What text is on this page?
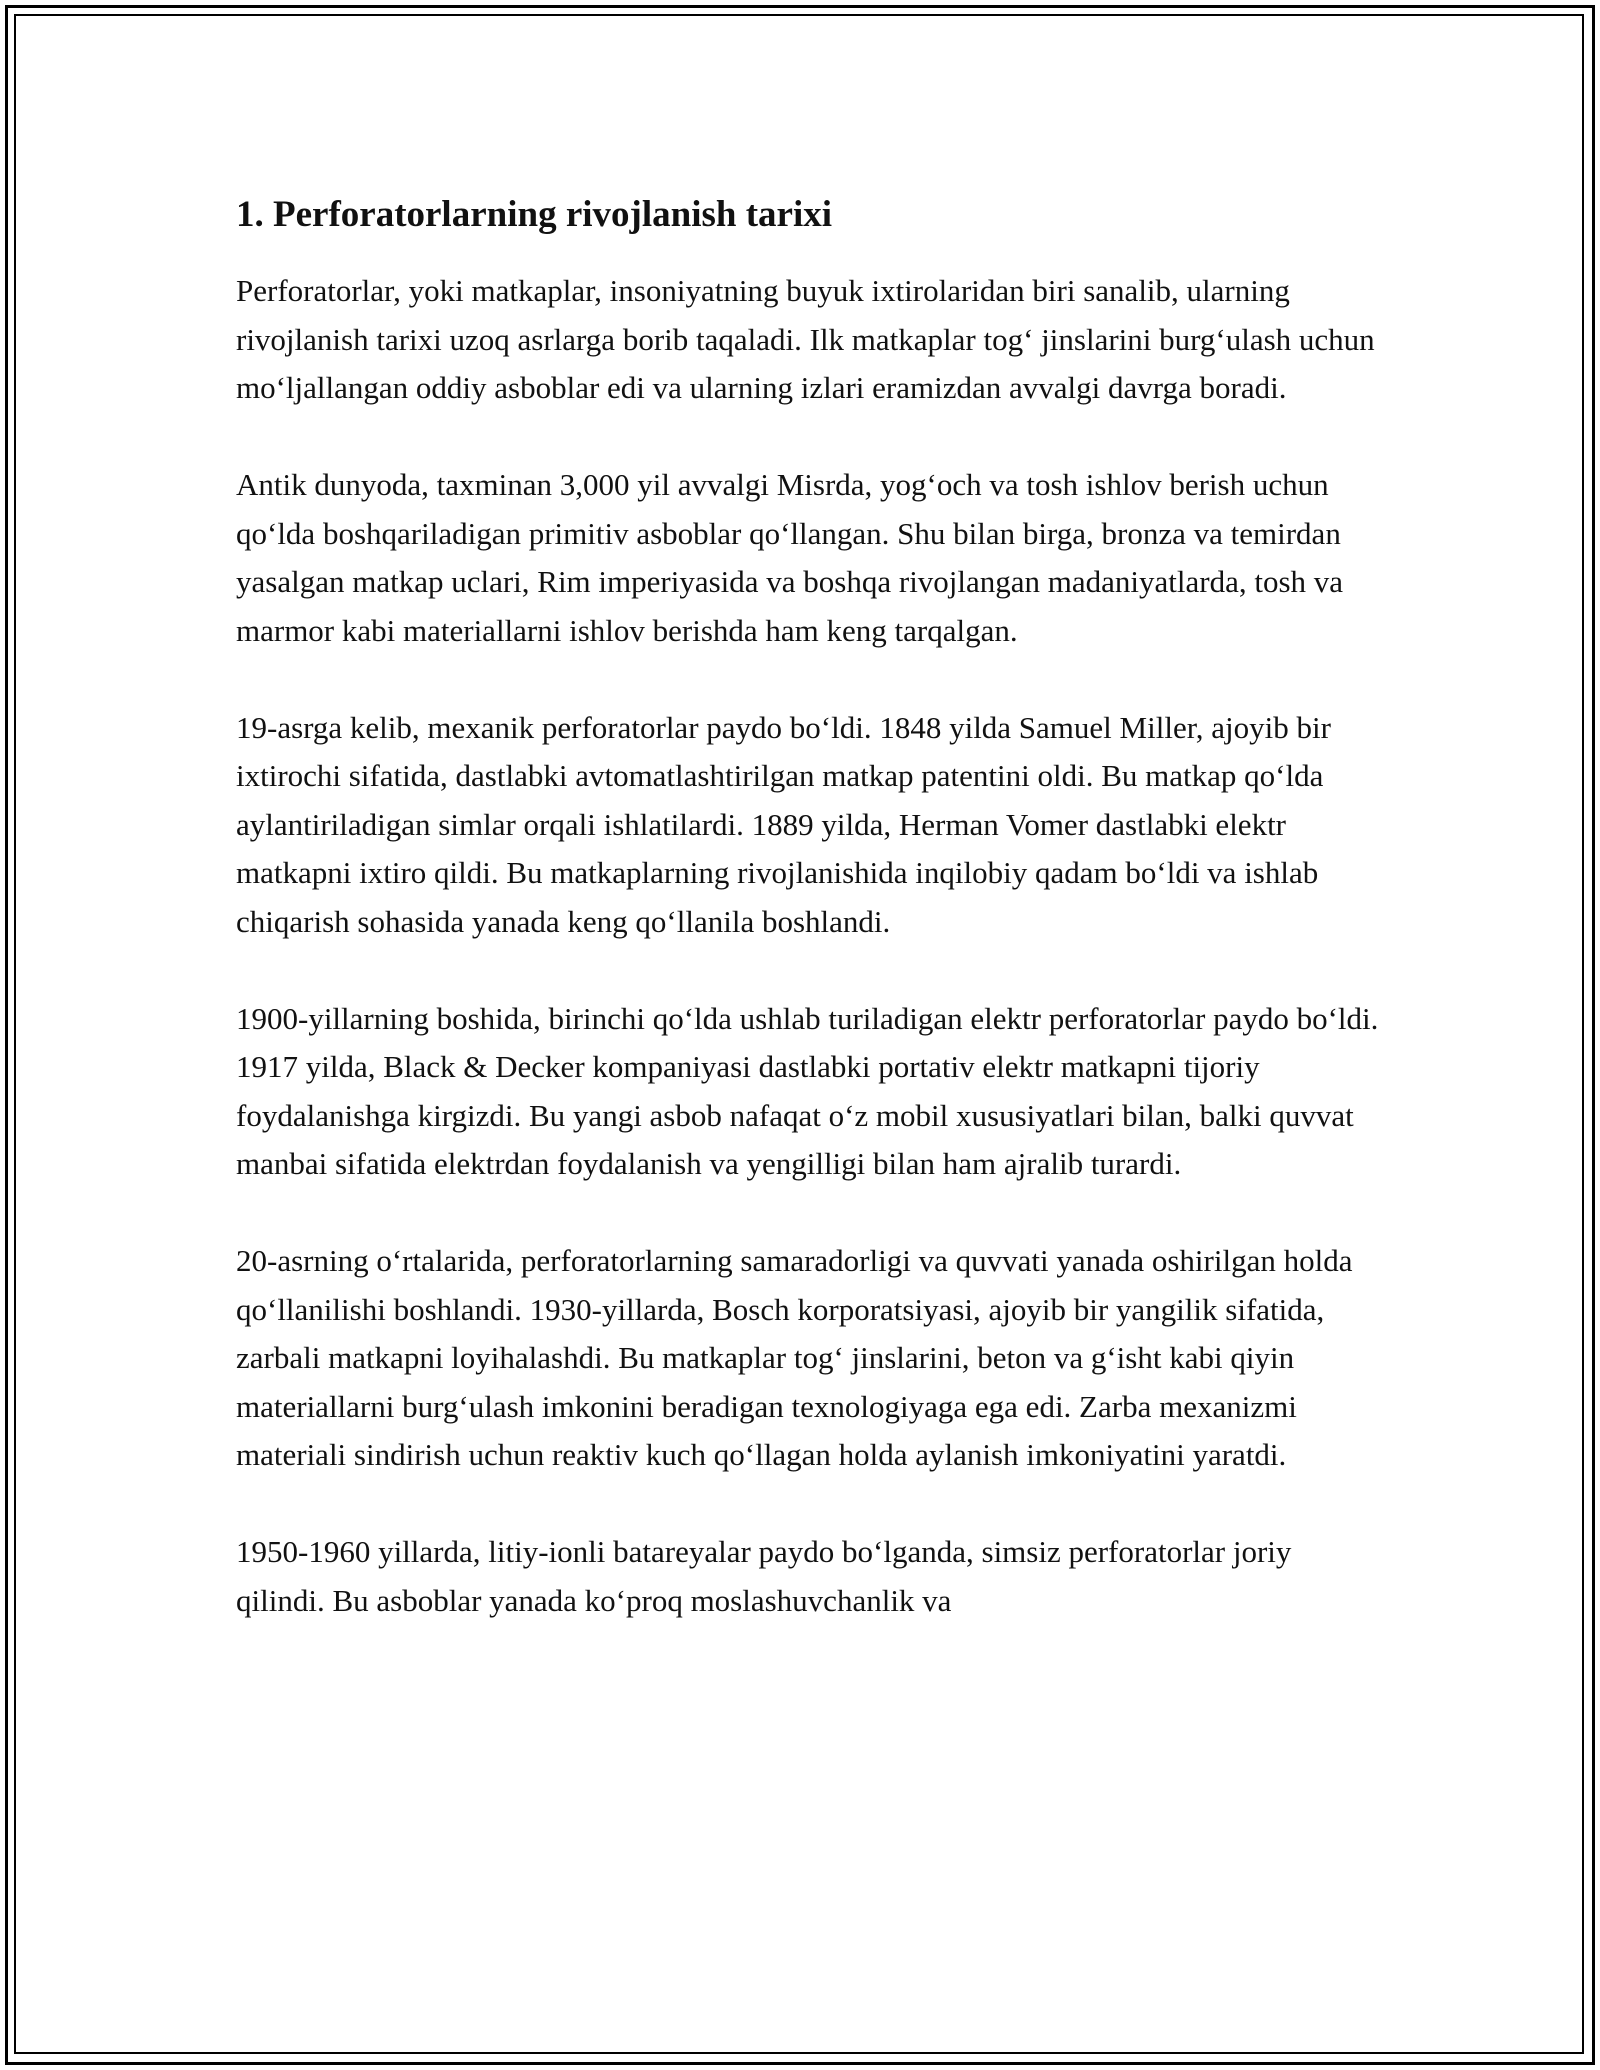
1. Perforatorlarning rivojlanish tarixi

Perforatorlar, yoki matkaplar, insoniyatning buyuk ixtirolaridan biri sanalib, ularning rivojlanish tarixi uzoq asrlarga borib taqaladi. Ilk matkaplar tog‘ jinslarini burg‘ulash uchun mo‘ljallangan oddiy asboblar edi va ularning izlari eramizdan avvalgi davrga boradi.

Antik dunyoda, taxminan 3,000 yil avvalgi Misrda, yog‘och va tosh ishlov berish uchun qo‘lda boshqariladigan primitiv asboblar qo‘llangan. Shu bilan birga, bronza va temirdan yasalgan matkap uclari, Rim imperiyasida va boshqa rivojlangan madaniyatlarda, tosh va marmor kabi materiallarni ishlov berishda ham keng tarqalgan.

19-asrga kelib, mexanik perforatorlar paydo bo‘ldi. 1848 yilda Samuel Miller, ajoyib bir ixtirochi sifatida, dastlabki avtomatlashtirilgan matkap patentini oldi. Bu matkap qo‘lda aylantiriladigan simlar orqali ishlatilardi. 1889 yilda, Herman Vomer dastlabki elektr matkapni ixtiro qildi. Bu matkaplarning rivojlanishida inqilobiy qadam bo‘ldi va ishlab chiqarish sohasida yanada keng qo‘llanila boshlandi.

1900-yillarning boshida, birinchi qo‘lda ushlab turiladigan elektr perforatorlar paydo bo‘ldi. 1917 yilda, Black & Decker kompaniyasi dastlabki portativ elektr matkapni tijoriy foydalanishga kirgizdi. Bu yangi asbob nafaqat o‘z mobil xususiyatlari bilan, balki quvvat manbai sifatida elektrdan foydalanish va yengilligi bilan ham ajralib turardi.

20-asrning o‘rtalarida, perforatorlarning samaradorligi va quvvati yanada oshirilgan holda qo‘llanilishi boshlandi. 1930-yillarda, Bosch korporatsiyasi, ajoyib bir yangilik sifatida, zarbali matkapni loyihalashdi. Bu matkaplar tog‘ jinslarini, beton va g‘isht kabi qiyin materiallarni burg‘ulash imkonini beradigan texnologiyaga ega edi. Zarba mexanizmi materiali sindirish uchun reaktiv kuch qo‘llagan holda aylanish imkoniyatini yaratdi.

1950-1960 yillarda, litiy-ionli batareyalar paydo bo‘lganda, simsiz perforatorlar joriy qilindi. Bu asboblar yanada ko‘proq moslashuvchanlik va
